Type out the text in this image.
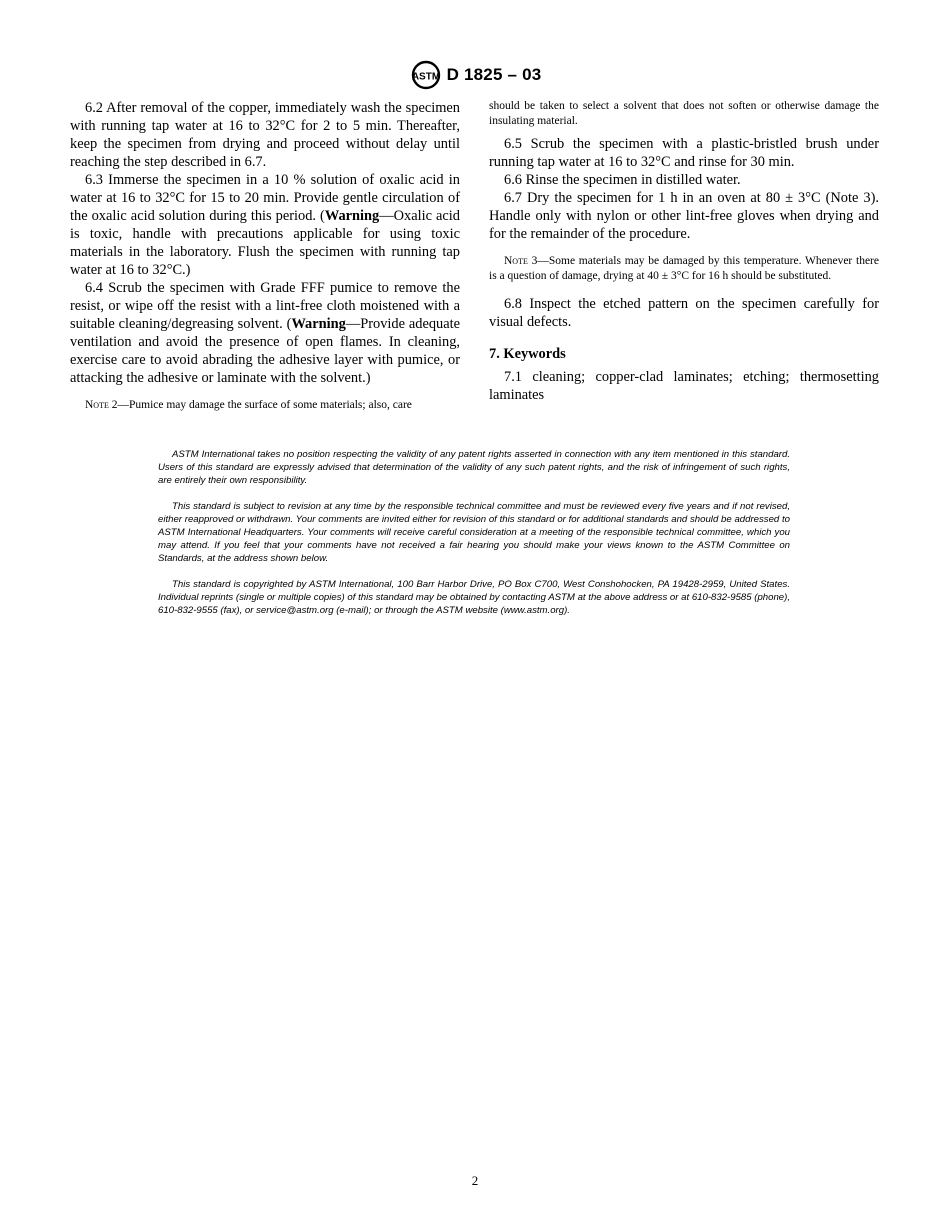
ASTM D 1825 – 03

6.2 After removal of the copper, immediately wash the specimen with running tap water at 16 to 32°C for 2 to 5 min. Thereafter, keep the specimen from drying and proceed without delay until reaching the step described in 6.7.

6.3 Immerse the specimen in a 10 % solution of oxalic acid in water at 16 to 32°C for 15 to 20 min. Provide gentle circulation of the oxalic acid solution during this period. (Warning—Oxalic acid is toxic, handle with precautions applicable for using toxic materials in the laboratory. Flush the specimen with running tap water at 16 to 32°C.)

6.4 Scrub the specimen with Grade FFF pumice to remove the resist, or wipe off the resist with a lint-free cloth moistened with a suitable cleaning/degreasing solvent. (Warning—Provide adequate ventilation and avoid the presence of open flames. In cleaning, exercise care to avoid abrading the adhesive layer with pumice, or attacking the adhesive or laminate with the solvent.)

Note 2—Pumice may damage the surface of some materials; also, care

should be taken to select a solvent that does not soften or otherwise damage the insulating material.

6.5 Scrub the specimen with a plastic-bristled brush under running tap water at 16 to 32°C and rinse for 30 min.

6.6 Rinse the specimen in distilled water.

6.7 Dry the specimen for 1 h in an oven at 80 ± 3°C (Note 3). Handle only with nylon or other lint-free gloves when drying and for the remainder of the procedure.

Note 3—Some materials may be damaged by this temperature. Whenever there is a question of damage, drying at 40 ± 3°C for 16 h should be substituted.

6.8 Inspect the etched pattern on the specimen carefully for visual defects.

7. Keywords

7.1 cleaning; copper-clad laminates; etching; thermosetting laminates

ASTM International takes no position respecting the validity of any patent rights asserted in connection with any item mentioned in this standard. Users of this standard are expressly advised that determination of the validity of any such patent rights, and the risk of infringement of such rights, are entirely their own responsibility.

This standard is subject to revision at any time by the responsible technical committee and must be reviewed every five years and if not revised, either reapproved or withdrawn. Your comments are invited either for revision of this standard or for additional standards and should be addressed to ASTM International Headquarters. Your comments will receive careful consideration at a meeting of the responsible technical committee, which you may attend. If you feel that your comments have not received a fair hearing you should make your views known to the ASTM Committee on Standards, at the address shown below.

This standard is copyrighted by ASTM International, 100 Barr Harbor Drive, PO Box C700, West Conshohocken, PA 19428-2959, United States. Individual reprints (single or multiple copies) of this standard may be obtained by contacting ASTM at the above address or at 610-832-9585 (phone), 610-832-9555 (fax), or service@astm.org (e-mail); or through the ASTM website (www.astm.org).

2
